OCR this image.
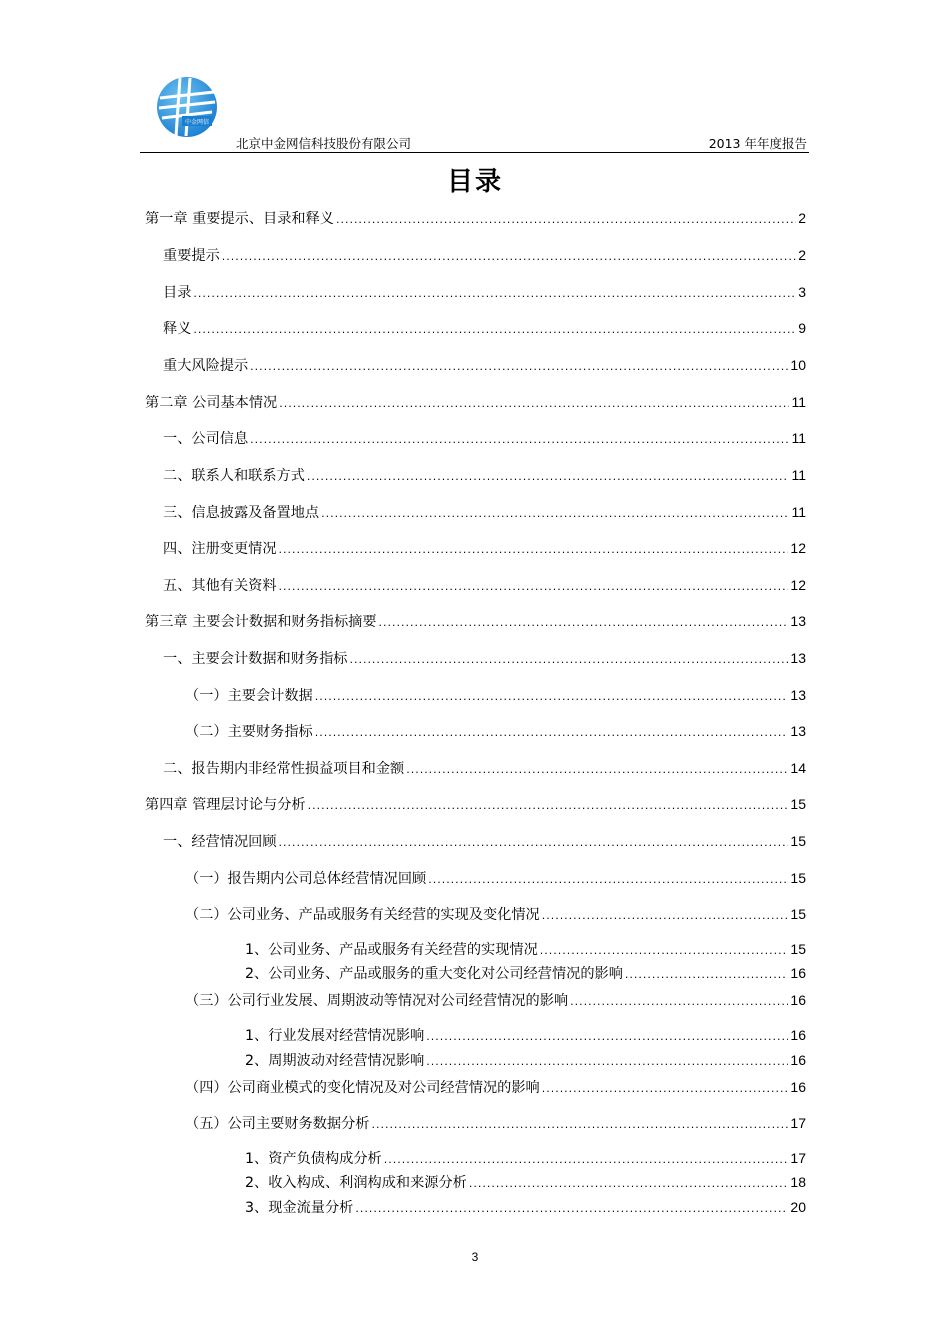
中金网信
北京中金网信科技股份有限公司	2013 年年度报告
目录
第一章 重要提示、目录和释义 .....	2
重要提示 .....	2
目录 .....	3
释义 .....	9
重大风险提示 .....	10
第二章 公司基本情况 .....	11
一、公司信息 .....	11
二、联系人和联系方式 .....	11
三、信息披露及备置地点 .....	11
四、注册变更情况 .....	12
五、其他有关资料 .....	12
第三章 主要会计数据和财务指标摘要 .....	13
一、主要会计数据和财务指标 .....	13
（一）主要会计数据 .....	13
（二）主要财务指标 .....	13
二、报告期内非经常性损益项目和金额 .....	14
第四章 管理层讨论与分析 .....	15
一、经营情况回顾 .....	15
（一）报告期内公司总体经营情况回顾 .....	15
（二）公司业务、产品或服务有关经营的实现及变化情况 .....	15
1、公司业务、产品或服务有关经营的实现情况 .....	15
2、公司业务、产品或服务的重大变化对公司经营情况的影响 .....	16
（三）公司行业发展、周期波动等情况对公司经营情况的影响 .....	16
1、行业发展对经营情况影响 .....	16
2、周期波动对经营情况影响 .....	16
（四）公司商业模式的变化情况及对公司经营情况的影响 .....	16
（五）公司主要财务数据分析 .....	17
1、资产负债构成分析 .....	17
2、收入构成、利润构成和来源分析 .....	18
3、现金流量分析 .....	20
3
